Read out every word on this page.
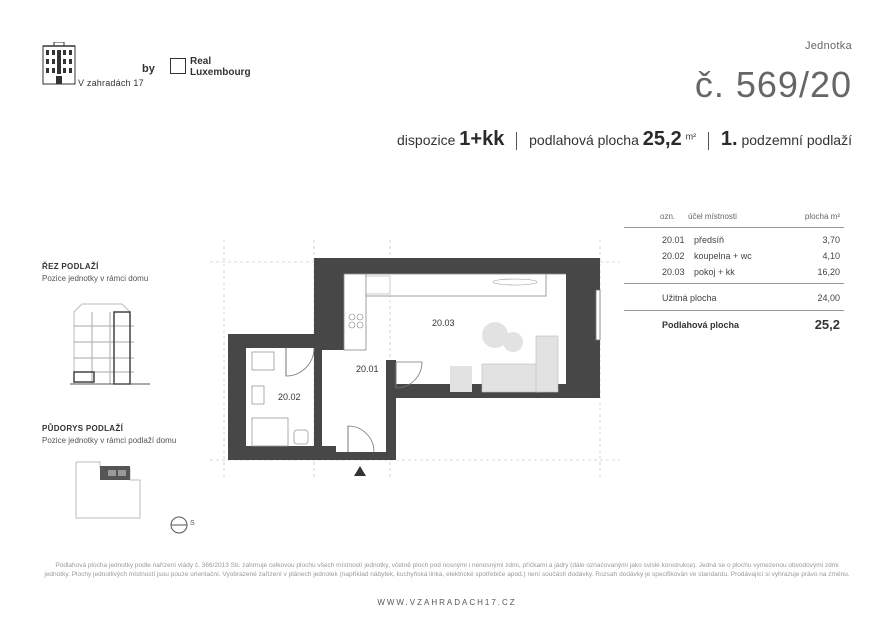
V zahradách 17
by
Real
Luxembourg
Jednotka
č. 569/20
dispozice 1+kk podlahová plocha 25,2 $^{m^2}$ 1. podzemní podlaží
ŘEZ PODLAŽÍ
Pozice jednotky v rámci domu
PŮDORYS PODLAŽÍ
Pozice jednotky v rámci podlaží domu
S
20.03
20.01
20.02
ozn. účel místnosti	plocha m²
20.01 předsíň	3,70
20.02 koupelna + wc	4,10
20.03 pokoj + kk	16,20
Užitná plocha	24,00
Podlahová plocha	25,2
Podlahová plocha jednotky podle nařízení vlády č. 366/2013 Sb. zahrnuje celkovou plochu všech místností jednotky, včetně ploch pod nosnými i nenosnými zdmi, příčkami a jádry (dále označovanými jako svislé konstrukce). Jedná se o plochu vymezenou obvodovými zdmi jednotky. Plochy jednotlivých místností jsou pouze orientační. Vyobrazené zařízení v plánech jednotek (například nábytek, kuchyňská linka, elektrické spotřebiče apod.) není součástí dodávky. Rozsah dodávky je specifikován ve standardu. Prodávající si vyhrazuje právo na změnu.
WWW.VZAHRADACH17.CZ
